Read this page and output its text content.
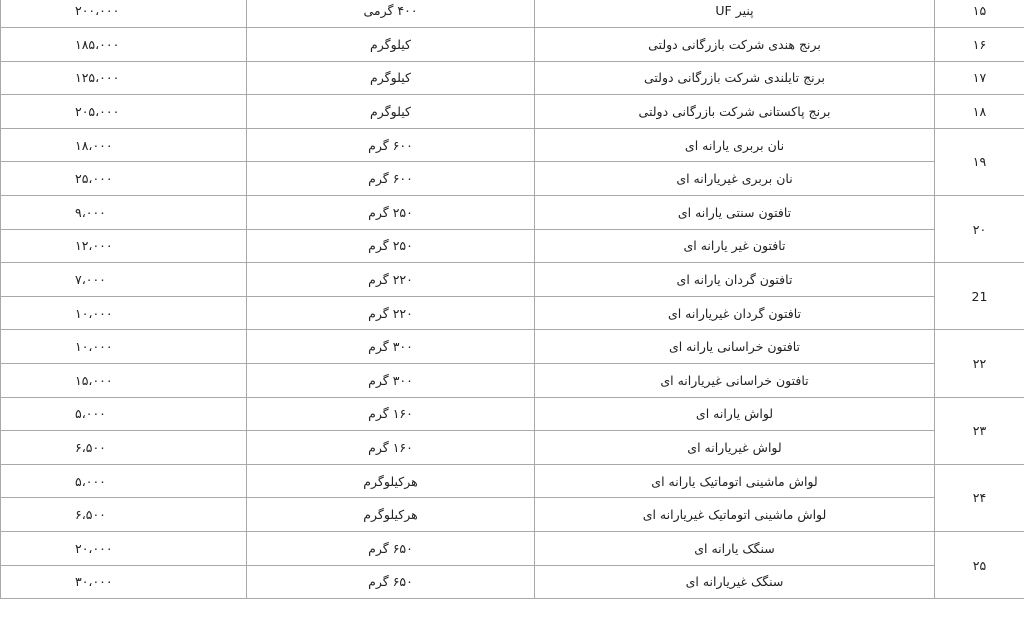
۱۵	پنیر UF	۴۰۰ گرمی	۲۰۰،۰۰۰
۱۶	برنج هندی شرکت بازرگانی دولتی	کیلوگرم	۱۸۵،۰۰۰
۱۷	برنج تایلندی شرکت بازرگانی دولتی	کیلوگرم	۱۲۵،۰۰۰
۱۸	برنج پاکستانی شرکت بازرگانی دولتی	کیلوگرم	۲۰۵،۰۰۰
۱۹	نان بربری یارانه ای	۶۰۰ گرم	۱۸،۰۰۰
	نان بربری غیریارانه ای	۶۰۰ گرم	۲۵،۰۰۰
۲۰	تافتون سنتی یارانه ای	۲۵۰ گرم	۹،۰۰۰
	تافتون غیر یارانه ای	۲۵۰ گرم	۱۲،۰۰۰
21	تافتون گردان یارانه ای	۲۲۰ گرم	۷،۰۰۰
	تافتون گردان غیریارانه ای	۲۲۰ گرم	۱۰،۰۰۰
۲۲	تافتون خراسانی یارانه ای	۳۰۰ گرم	۱۰،۰۰۰
	تافتون خراسانی غیریارانه ای	۳۰۰ گرم	۱۵،۰۰۰
۲۳	لواش یارانه ای	۱۶۰ گرم	۵،۰۰۰
	لواش غیریارانه ای	۱۶۰ گرم	۶،۵۰۰
۲۴	لواش ماشینی اتوماتیک یارانه ای	هرکیلوگرم	۵،۰۰۰
	لواش ماشینی اتوماتیک غیریارانه ای	هرکیلوگرم	۶،۵۰۰
۲۵	سنگک یارانه ای	۶۵۰ گرم	۲۰،۰۰۰
	سنگک غیریارانه ای	۶۵۰ گرم	۳۰،۰۰۰
